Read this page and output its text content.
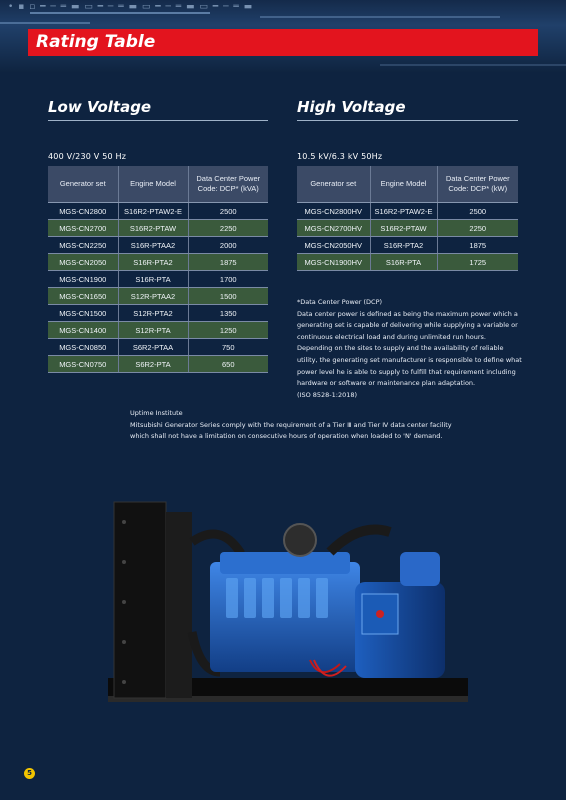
• ▪ ▫ ━ ─ ═ ▬ ▭ ━ ─ ═ ▬ ▭ ━ ─ ═ ▬ ▭ ━ ─ ═ ▬
Rating Table
Low Voltage
400 V/230 V 50 Hz
Generator set	Engine Model	Data Center Power Code: DCP* (kVA)
MGS-CN2800	S16R2-PTAW2-E	2500
MGS-CN2700	S16R2-PTAW	2250
MGS-CN2250	S16R-PTAA2	2000
MGS-CN2050	S16R-PTA2	1875
MGS-CN1900	S16R-PTA	1700
MGS-CN1650	S12R-PTAA2	1500
MGS-CN1500	S12R-PTA2	1350
MGS-CN1400	S12R-PTA	1250
MGS-CN0850	S6R2-PTAA	750
MGS-CN0750	S6R2-PTA	650
High Voltage
10.5 kV/6.3 kV 50Hz
Generator set	Engine Model	Data Center Power Code: DCP* (kW)
MGS-CN2800HV	S16R2-PTAW2-E	2500
MGS-CN2700HV	S16R2-PTAW	2250
MGS-CN2050HV	S16R-PTA2	1875
MGS-CN1900HV	S16R-PTA	1725

*Data Center Power (DCP)

Data center power is defined as being the maximum power which a generating set is capable of delivering while supplying a variable or continuous electrical load and during unlimited run hours. Depending on the sites to supply and the availability of reliable utility, the generating set manufacturer is responsible to define what power level he is able to supply to fulfill that requirement including hardware or software or maintenance plan adaptation.

(ISO 8528-1:2018)

Uptime Institute

Mitsubishi Generator Series comply with the requirement of a Tier Ⅲ and Tier Ⅳ data center facility which shall not have a limitation on consecutive hours of operation when loaded to 'N' demand.

5
